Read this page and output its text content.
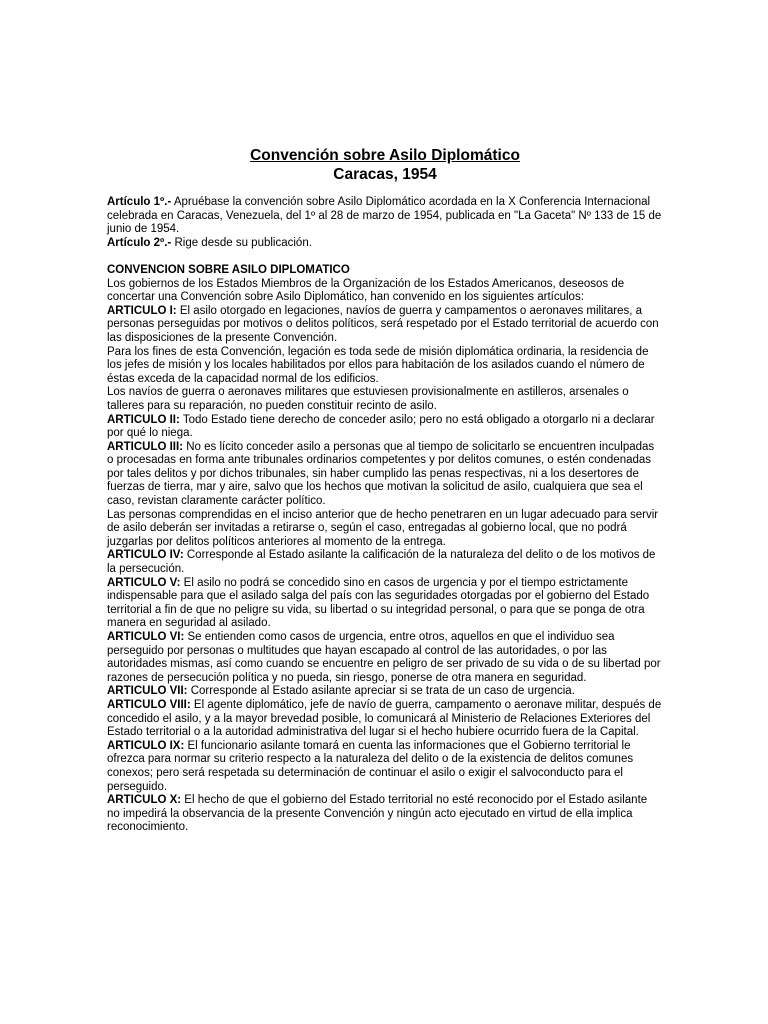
Convención sobre Asilo Diplomático
Caracas, 1954

Artículo 1º.- Apruébase la convención sobre Asilo Diplomático acordada en la X Conferencia Internacional celebrada en Caracas, Venezuela, del 1º al 28 de marzo de 1954, publicada en "La Gaceta" Nº 133 de 15 de junio de 1954.

Artículo 2º.- Rige desde su publicación.

CONVENCION SOBRE ASILO DIPLOMATICO

Los gobiernos de los Estados Miembros de la Organización de los Estados Americanos, deseosos de concertar una Convención sobre Asilo Diplomático, han convenido en los siguientes artículos:

ARTICULO I: El asilo otorgado en legaciones, navíos de guerra y campamentos o aeronaves militares, a personas perseguidas por motivos o delitos políticos, será respetado por el Estado territorial de acuerdo con las disposiciones de la presente Convención.

Para los fines de esta Convención, legación es toda sede de misión diplomática ordinaria, la residencia de los jefes de misión y los locales habilitados por ellos para habitación de los asilados cuando el número de éstas exceda de la capacidad normal de los edificios.

Los navíos de guerra o aeronaves militares que estuviesen provisionalmente en astilleros, arsenales o talleres para su reparación, no pueden constituir recinto de asilo.

ARTICULO II: Todo Estado tiene derecho de conceder asilo; pero no está obligado a otorgarlo ni a declarar por qué lo niega.

ARTICULO III: No es lícito conceder asilo a personas que al tiempo de solicitarlo se encuentren inculpadas o procesadas en forma ante tribunales ordinarios competentes y por delitos comunes, o estén condenadas por tales delitos y por dichos tribunales, sin haber cumplido las penas respectivas, ni a los desertores de fuerzas de tierra, mar y aire, salvo que los hechos que motivan la solicitud de asilo, cualquiera que sea el caso, revistan claramente carácter político.

Las personas comprendidas en el inciso anterior que de hecho penetraren en un lugar adecuado para servir de asilo deberán ser invitadas a retirarse o, según el caso, entregadas al gobierno local, que no podrá juzgarlas por delitos políticos anteriores al momento de la entrega.

ARTICULO IV: Corresponde al Estado asilante la calificación de la naturaleza del delito o de los motivos de la persecución.

ARTICULO V: El asilo no podrá se concedido sino en casos de urgencia y por el tiempo estrictamente indispensable para que el asilado salga del país con las seguridades otorgadas por el gobierno del Estado territorial a fin de que no peligre su vida, su libertad o su integridad personal, o para que se ponga de otra manera en seguridad al asilado.

ARTICULO VI: Se entienden como casos de urgencia, entre otros, aquellos en que el individuo sea perseguido por personas o multitudes que hayan escapado al control de las autoridades, o por las autoridades mismas, así como cuando se encuentre en peligro de ser privado de su vida o de su libertad por razones de persecución política y no pueda, sin riesgo, ponerse de otra manera en seguridad.

ARTICULO VII: Corresponde al Estado asilante apreciar si se trata de un caso de urgencia.

ARTICULO VIII: El agente diplomático, jefe de navío de guerra, campamento o aeronave militar, después de concedido el asilo, y a la mayor brevedad posible, lo comunicará al Ministerio de Relaciones Exteriores del Estado territorial o a la autoridad administrativa del lugar si el hecho hubiere ocurrido fuera de la Capital.

ARTICULO IX: El funcionario asilante tomará en cuenta las informaciones que el Gobierno territorial le ofrezca para normar su criterio respecto a la naturaleza del delito o de la existencia de delitos comunes conexos; pero será respetada su determinación de continuar el asilo o exigir el salvoconducto para el perseguido.

ARTICULO X: El hecho de que el gobierno del Estado territorial no esté reconocido por el Estado asilante no impedirá la observancia de la presente Convención y ningún acto ejecutado en virtud de ella implica reconocimiento.
